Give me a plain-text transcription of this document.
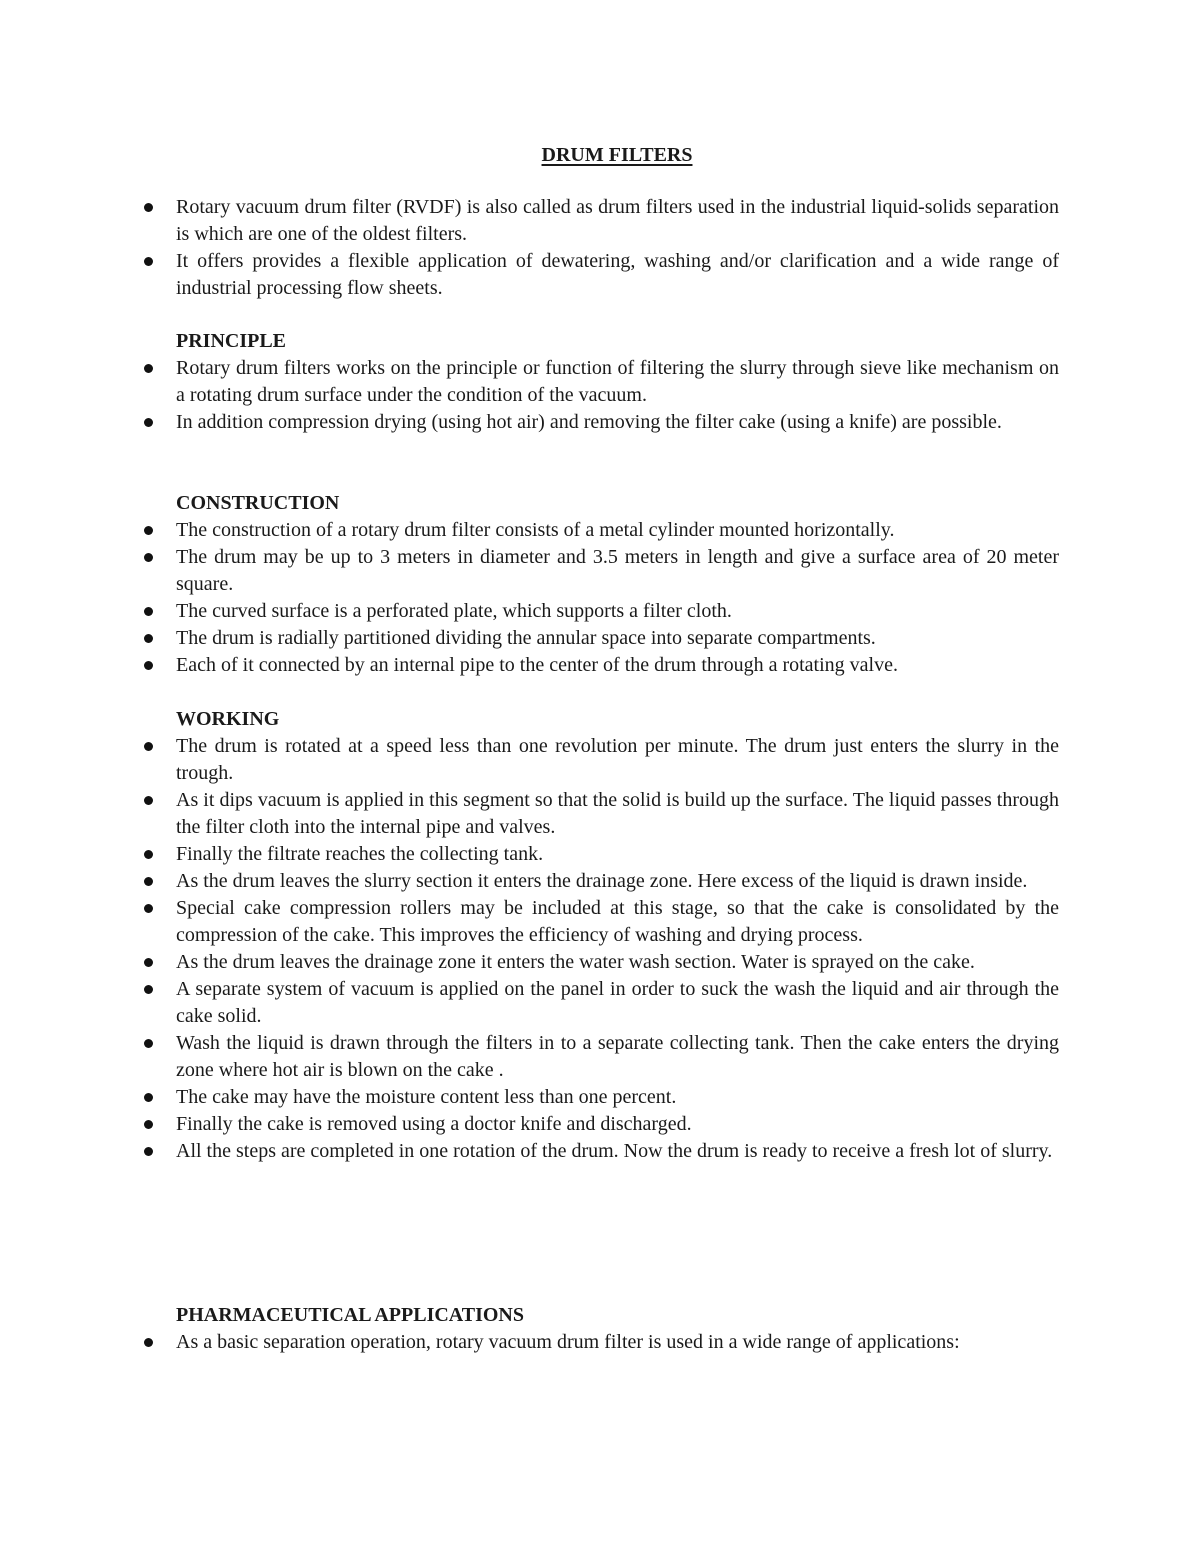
DRUM FILTERS
Rotary vacuum drum filter (RVDF) is also called as drum filters used in the industrial liquid-solids separation is which are one of the oldest filters.
It offers provides a flexible application of dewatering, washing and/or clarification and a wide range of industrial processing flow sheets.
PRINCIPLE
Rotary drum filters works on the principle or function of filtering the slurry through sieve like mechanism on a rotating drum surface under the condition of the vacuum.
In addition compression drying (using hot air) and removing the filter cake (using a knife) are possible.
CONSTRUCTION
The construction of a rotary drum filter consists of a metal cylinder mounted horizontally.
The drum may be up to 3 meters in diameter and 3.5 meters in length and give a surface area of 20 meter square.
The curved surface is a perforated plate, which supports a filter cloth.
The drum is radially partitioned dividing the annular space into separate compartments.
Each of it connected by an internal pipe to the center of the drum through a rotating valve.
WORKING
The drum is rotated at a speed less than one revolution per minute. The drum just enters the slurry in the trough.
As it dips vacuum is applied in this segment so that the solid is build up the surface. The liquid passes through the filter cloth into the internal pipe and valves.
Finally the filtrate reaches the collecting tank.
As the drum leaves the slurry section it enters the drainage zone. Here excess of the liquid is drawn inside.
Special cake compression rollers may be included at this stage, so that the cake is consolidated by the compression of the cake. This improves the efficiency of washing and drying process.
As the drum leaves the drainage zone it enters the water wash section. Water is sprayed on the cake.
A separate system of vacuum is applied on the panel in order to suck the wash the liquid and air through the cake solid.
Wash the liquid is drawn through the filters in to a separate collecting tank. Then the cake enters the drying zone where hot air is blown on the cake .
The cake may have the moisture content less than one percent.
Finally the cake is removed using a doctor knife and discharged.
All the steps are completed in one rotation of the drum. Now the drum is ready to receive a fresh lot of slurry.
PHARMACEUTICAL APPLICATIONS
As a basic separation operation, rotary vacuum drum filter is used in a wide range of applications:
